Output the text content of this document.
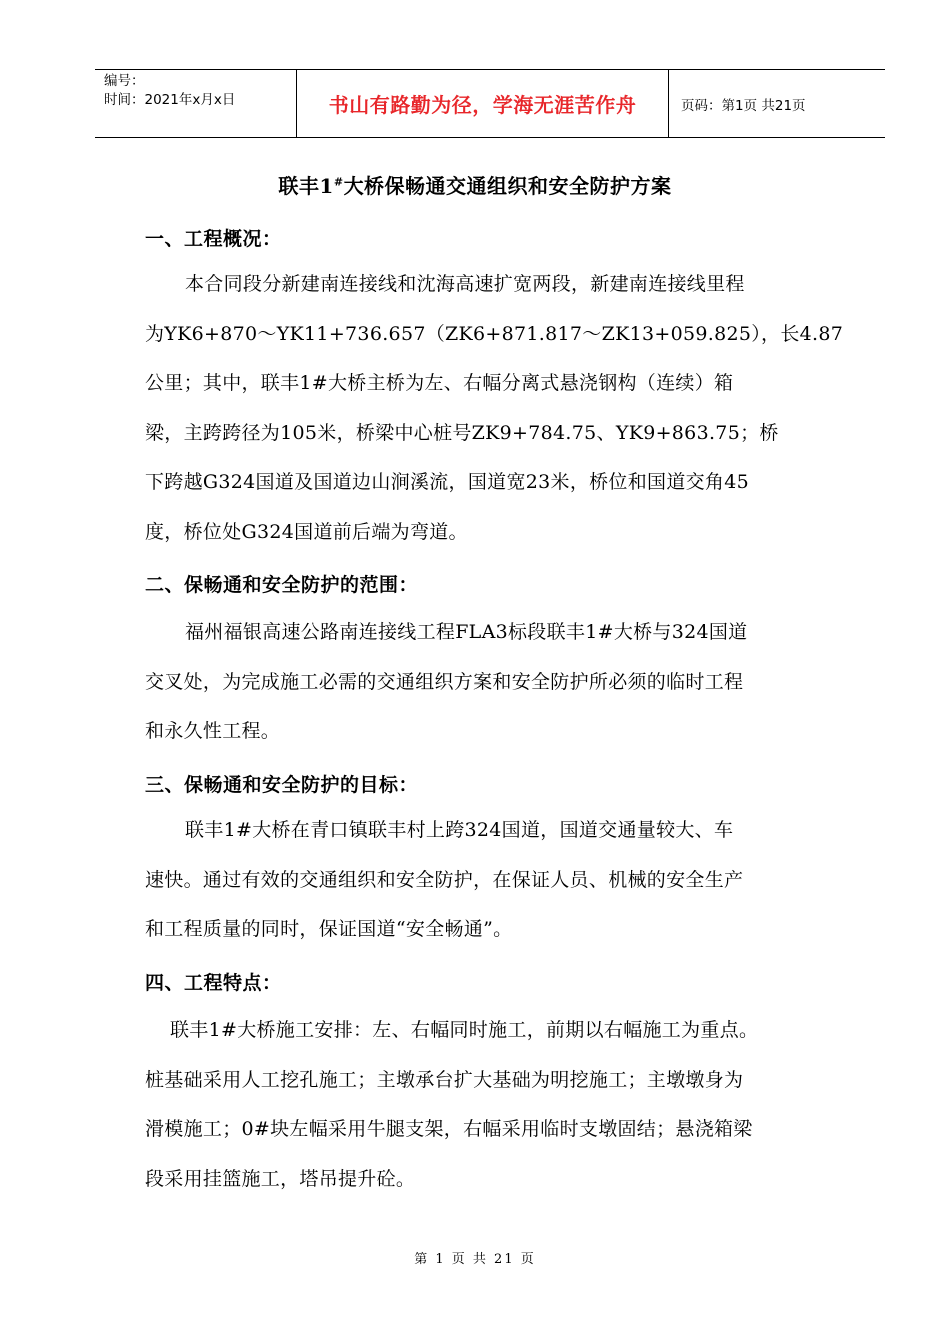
编号：
时间：2021年x月x日	书山有路勤为径，学海无涯苦作舟	页码：第1页 共21页
联丰1#大桥保畅通交通组织和安全防护方案
一、工程概况：
本合同段分新建南连接线和沈海高速扩宽两段，新建南连接线里程
为YK6+870～YK11+736.657（ZK6+871.817～ZK13+059.825），长4.87
公里；其中，联丰1#大桥主桥为左、右幅分离式悬浇钢构（连续）箱
梁，主跨跨径为105米，桥梁中心桩号ZK9+784.75、YK9+863.75；桥
下跨越G324国道及国道边山涧溪流，国道宽23米，桥位和国道交角45
度，桥位处G324国道前后端为弯道。
二、保畅通和安全防护的范围：
福州福银高速公路南连接线工程FLA3标段联丰1#大桥与324国道
交叉处，为完成施工必需的交通组织方案和安全防护所必须的临时工程
和永久性工程。
三、保畅通和安全防护的目标：
联丰1#大桥在青口镇联丰村上跨324国道，国道交通量较大、车
速快。通过有效的交通组织和安全防护，在保证人员、机械的安全生产
和工程质量的同时，保证国道“安全畅通”。
四、工程特点：
联丰1#大桥施工安排：左、右幅同时施工，前期以右幅施工为重点。
桩基础采用人工挖孔施工；主墩承台扩大基础为明挖施工；主墩墩身为
滑模施工；0#块左幅采用牛腿支架，右幅采用临时支墩固结；悬浇箱梁
段采用挂篮施工，塔吊提升砼。
第 1 页 共 21 页
